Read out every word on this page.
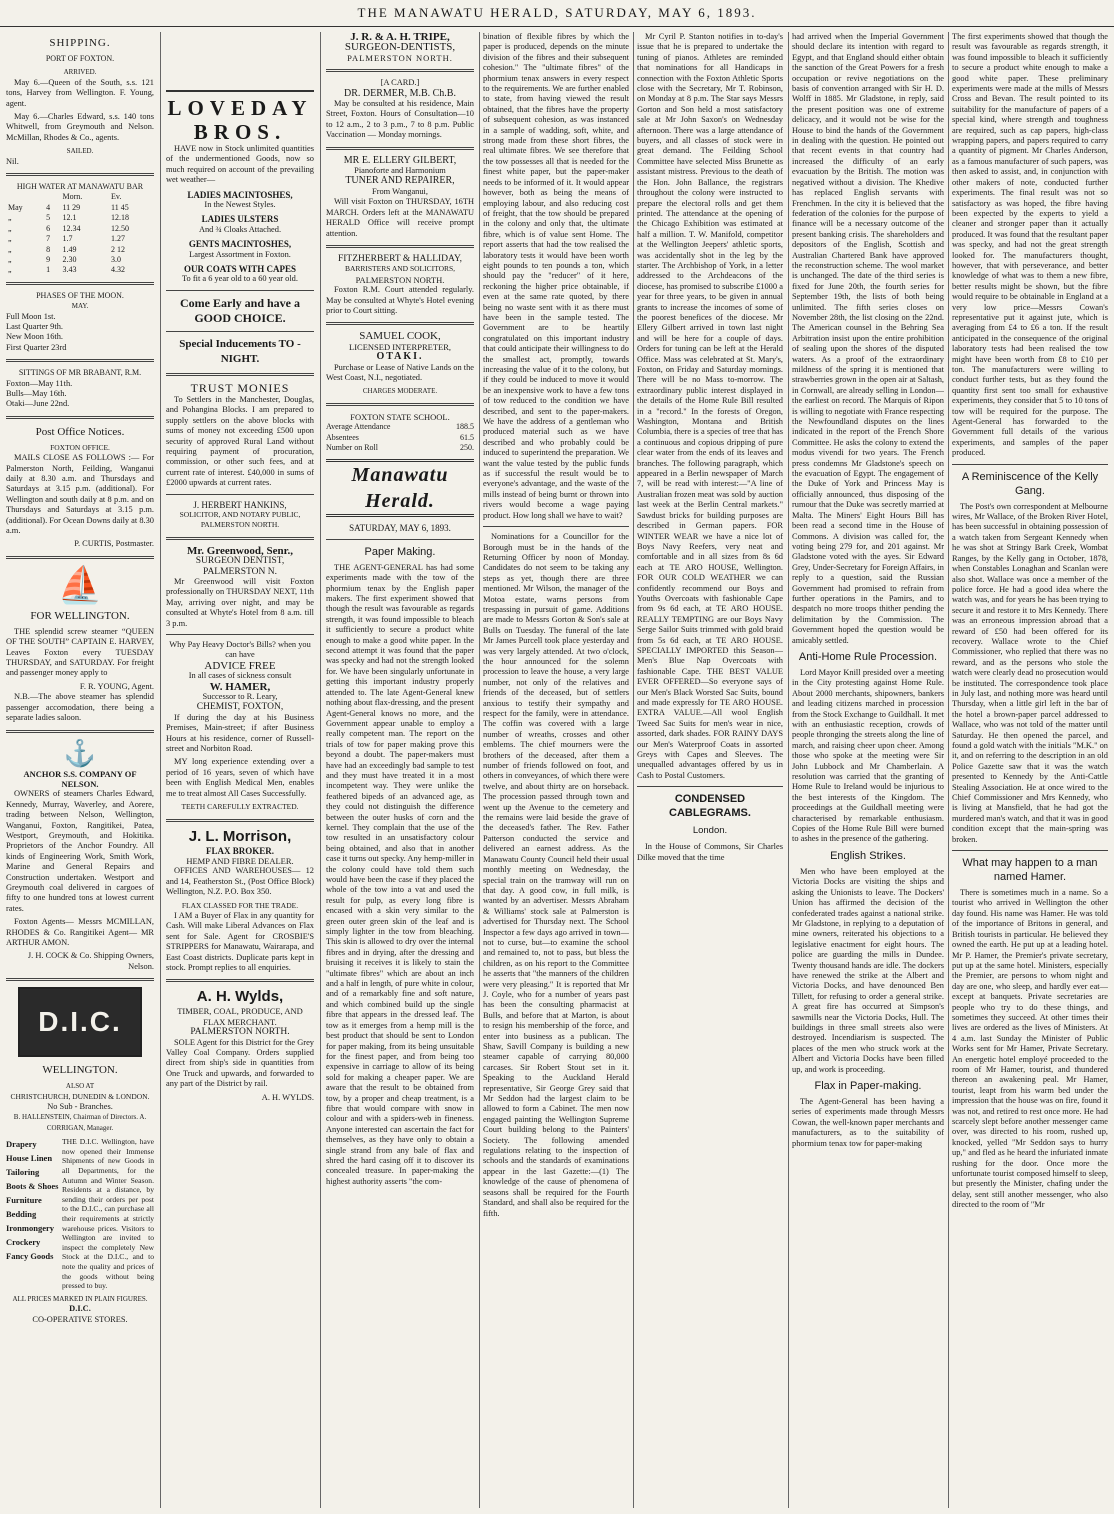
THE MANAWATU HERALD, SATURDAY, MAY 6, 1893.
SHIPPING.
PORT OF FOXTON.
ARRIVED.

May 6.—Queen of the South, s.s. 121 tons, Harvey from Wellington. F. Young, agent.

May 6.—Charles Edward, s.s. 140 tons Whitwell, from Greymouth and Nelson. McMillan, Rhodes & Co., agents.

SAILED.

Nil.

HIGH WATER AT MANAWATU BAR
		Morn.	Ev.
May	4	11 29	11 45
„	5	12.1	12.18
„	6	12.34	12.50
„	7	1.7	1.27
„	8	1.49	2 12
„	9	2.30	3.0
„	1	3.43	4.32
PHASES OF THE MOON.
MAY.
Full Moon 1st.
Last Quarter 9th.
New Moon 16th.
First Quarter 23rd
SITTINGS OF MR BRABANT, R.M.
Foxton—May 11th.
Bulls—May 16th.
Otaki—June 22nd.
Post Office Notices.
FOXTON OFFICE.

MAILS CLOSE AS FOLLOWS :— For Palmerston North, Feilding, Wanganui daily at 8.30 a.m. and Thursdays and Saturdays at 3.15 p.m. (additional). For Wellington and south daily at 8 p.m. and on Thursdays and Saturdays at 3.15 p.m. (additional). For Ocean Downs daily at 8.30 a.m.

P. CURTIS, Postmaster.
⛵
FOR WELLINGTON.

THE splendid screw steamer “QUEEN OF THE SOUTH” CAPTAIN E. HARVEY, Leaves Foxton every TUESDAY THURSDAY, and SATURDAY. For freight and passenger money apply to

F. R. YOUNG, Agent.

N.B.—The above steamer has splendid passenger accomodation, there being a separate ladies saloon.

⚓
ANCHOR S.S. COMPANY OF NELSON.

OWNERS of steamers Charles Edward, Kennedy, Murray, Waverley, and Aorere, trading between Nelson, Wellington, Wanganui, Foxton, Rangitikei, Patea, Westport, Greymouth, and Hokitika. Proprietors of the Anchor Foundry. All kinds of Engineering Work, Smith Work, Marine and General Repairs and Construction undertaken. Westport and Greymouth coal delivered in cargoes of fifty to one hundred tons at lowest current rates.

Foxton Agents— Messrs MCMILLAN, RHODES & Co. Rangitikei Agent— MR ARTHUR AMON.

J. H. COCK & Co. Shipping Owners, Nelson.
D.I.C.
WELLINGTON.
ALSO AT
CHRISTCHURCH, DUNEDIN & LONDON.
No Sub - Branches.
B. HALLENSTEIN, Chairman of Directors. A. CORRIGAN, Manager.
Drapery
House Linen
Tailoring
Boots & Shoes
Furniture
Bedding
Ironmongery
Crockery
Fancy Goods
THE D.I.C. Wellington, have now opened their Immense Shipments of new Goods in all Departments, for the Autumn and Winter Season. Residents at a distance, by sending their orders per post to the D.I.C., can purchase all their requirements at strictly warehouse prices. Visitors to Wellington are invited to inspect the completely New Stock at the D.I.C., and to note the quality and prices of the goods without being pressed to buy.
ALL PRICES MARKED IN PLAIN FIGURES.
D.I.C.
CO-OPERATIVE STORES.
LOVEDAY
BROS.

HAVE now in Stock unlimited quantities of the undermentioned Goods, now so much required on account of the prevailing wet weather—

LADIES MACINTOSHES,
In the Newest Styles.
LADIES ULSTERS
And ¾ Cloaks Attached.
GENTS MACINTOSHES,
Largest Assortment in Foxton.
OUR COATS WITH CAPES
To fit a 6 year old to a 60 year old.
Come Early and have a GOOD CHOICE.
Special Inducements TO - NIGHT.
TRUST MONIES

To Settlers in the Manchester, Douglas, and Pohangina Blocks. I am prepared to supply settlers on the above blocks with sums of money not exceeding £500 upon security of approved Rural Land without requiring payment of procuration, commission, or other such fees, and at current rate of interest. £40,000 in sums of £2000 upwards at current rates.

J. HERBERT HANKINS,
SOLICITOR, AND NOTARY PUBLIC, PALMERSTON NORTH.
Mr. Greenwood, Senr.,
SURGEON DENTIST,
PALMERSTON N.

Mr Greenwood will visit Foxton professionally on THURSDAY NEXT, 11th May, arriving over night, and may be consulted at Whyte's Hotel from 8 a.m. till 3 p.m.

Why Pay Heavy Doctor's Bills? when you can have
ADVICE FREE
In all cases of sickness consult
W. HAMER,
Successor to R. Leary,
CHEMIST, FOXTON,

If during the day at his Business Premises, Main-street; if after Business Hours at his residence, corner of Russell-street and Norbiton Road.

MY long experience extending over a period of 16 years, seven of which have been with English Medical Men, enables me to treat almost All Cases Successfully.

TEETH CAREFULLY EXTRACTED.
J. L. Morrison,
FLAX BROKER.
HEMP AND FIBRE DEALER.

OFFICES AND WAREHOUSES— 12 and 14, Featherston St., (Post Office Block) Wellington, N.Z. P.O. Box 350.

FLAX CLASSED FOR THE TRADE.

I AM a Buyer of Flax in any quantity for Cash. Will make Liberal Advances on Flax sent for Sale. Agent for CROSBIE'S STRIPPERS for Manawatu, Wairarapa, and East Coast districts. Duplicate parts kept in stock. Prompt replies to all enquiries.

A. H. Wylds,
TIMBER, COAL, PRODUCE, AND FLAX MERCHANT.
PALMERSTON NORTH.

SOLE Agent for this District for the Grey Valley Coal Company. Orders supplied direct from ship's side in quantities from One Truck and upwards, and forwarded to any part of the District by rail.

A. H. WYLDS.
J. R. & A. H. TRIPE,
SURGEON-DENTISTS,
PALMERSTON NORTH.
[A CARD.]
DR. DERMER, M.B. Ch.B.

May be consulted at his residence, Main Street, Foxton. Hours of Consultation—10 to 12 a.m., 2 to 3 p.m., 7 to 8 p.m. Public Vaccination — Monday mornings.

MR E. ELLERY GILBERT,
Pianoforte and Harmonium
TUNER AND REPAIRER,
From Wanganui,

Will visit Foxton on THURSDAY, 16TH MARCH. Orders left at the MANAWATU HERALD Office will receive prompt attention.

FITZHERBERT & HALLIDAY,
BARRISTERS AND SOLICITORS,
PALMERSTON NORTH.

Foxton R.M. Court attended regularly. May be consulted at Whyte's Hotel evening prior to Court sitting.

SAMUEL COOK,
LICENSED INTERPRETER,
OTAKI.

Purchase or Lease of Native Lands on the West Coast, N.I., negotiated.

CHARGES MODERATE.
FOXTON STATE SCHOOL.
Average Attendance	188.5
Absentees	61.5
Number on Roll	250.
Manawatu Herald.
SATURDAY, MAY 6, 1893.
Paper Making.

THE AGENT-GENERAL has had some experiments made with the tow of the phormium tenax by the English paper makers. The first experiment showed that though the result was favourable as regards strength, it was found impossible to bleach it sufficiently to secure a product white enough to make a good white paper. In the second attempt it was found that the paper was specky and had not the strength looked for. We have been singularly unfortunate in getting this important industry properly attended to. The late Agent-General knew nothing about flax-dressing, and the present Agent-General knows no more, and the Government appear unable to employ a really competent man. The report on the trials of tow for paper making prove this beyond a doubt. The paper-makers must have had an exceedingly bad sample to test and they must have treated it in a most incompetent way. They were unlike the feathered bipeds of an advanced age, as they could not distinguish the difference between the outer husks of corn and the kernel. They complain that the use of the tow resulted in an unsatisfactory colour being obtained, and also that in another case it turns out specky. Any hemp-miller in the colony could have told them such would have been the case if they placed the whole of the tow into a vat and used the result for pulp, as every long fibre is encased with a skin very similar to the green outer green skin of the leaf and is simply lighter in the tow from bleaching. This skin is allowed to dry over the internal fibres and in drying, after the dressing and bruising it receives it is likely to stain the "ultimate fibres" which are about an inch and a half in length, of pure white in colour, and of a remarkably fine and soft nature, and which combined build up the single fibre that appears in the dressed leaf. The tow as it emerges from a hemp mill is the best product that should be sent to London for paper making, from its being unsuitable for the finest paper, and from being too expensive in carriage to allow of its being sold for making a cheaper paper. We are aware that the result to be obtained from tow, by a proper and cheap treatment, is a fibre that would compare with snow in colour and with a spiders-web in fineness. Anyone interested can ascertain the fact for themselves, as they have only to obtain a single strand from any bale of flax and shred the hard casing off it to discover its concealed treasure. In paper-making the highest authority asserts "the com-

bination of flexible fibres by which the paper is produced, depends on the minute division of the fibres and their subsequent cohesion." The "ultimate fibres" of the phormium tenax answers in every respect to the requirements. We are further enabled to state, from having viewed the result obtained, that the fibres have the property of subsequent cohesion, as was instanced in a sample of wadding, soft, white, and strong made from these short fibres, the real ultimate fibres. We see therefore that the tow possesses all that is needed for the finest white paper, but the paper-maker needs to be informed of it. It would appear however, both as being the means of employing labour, and also reducing cost of freight, that the tow should be prepared in the colony and only that, the ultimate fibre, which is of value sent Home. The report asserts that had the tow realised the laboratory tests it would have been worth eight pounds to ten pounds a ton, which should pay the "reducer" of it here, reckoning the higher price obtainable, if even at the same rate quoted, by there being no waste sent with it as there must have been in the sample tested. The Government are to be heartily congratulated on this important industry that could anticipate their willingness to do the smallest act, promptly, towards increasing the value of it to the colony, but if they could be induced to move it would be an inexpensive work to have a few tons of tow reduced to the condition we have described, and sent to the paper-makers. We have the address of a gentleman who produced material such as we have described and who probably could be induced to superintend the preparation. We want the value tested by the public funds as if successful the result would be to everyone's advantage, and the waste of the mills instead of being burnt or thrown into rivers would become a wage paying product. How long shall we have to wait?

Nominations for a Councillor for the Borough must be in the hands of the Returning Officer by noon of Monday. Candidates do not seem to be taking any steps as yet, though there are three mentioned. Mr Wilson, the manager of the Motoa estate, warns persons from trespassing in pursuit of game. Additions are made to Messrs Gorton & Son's sale at Bulls on Tuesday. The funeral of the late Mr James Purcell took place yesterday and was very largely attended. At two o'clock, the hour announced for the solemn procession to leave the house, a very large number, not only of the relatives and friends of the deceased, but of settlers anxious to testify their sympathy and respect for the family, were in attendance. The coffin was covered with a large number of wreaths, crosses and other emblems. The chief mourners were the brothers of the deceased, after them a number of friends followed on foot, and others in conveyances, of which there were twelve, and about thirty are on horseback. The procession passed through town and went up the Avenue to the cemetery and the remains were laid beside the grave of the deceased's father. The Rev. Father Patterson conducted the service and delivered an earnest address. As the Manawatu County Council held their usual monthly meeting on Wednesday, the special train on the tramway will run on that day. A good cow, in full milk, is wanted by an advertiser. Messrs Abraham & Williams' stock sale at Palmerston is advertised for Thursday next. The School Inspector a few days ago arrived in town—not to curse, but—to examine the school and remained to, not to pass, but bless the children, as on his report to the Committee he asserts that "the manners of the children were very pleasing." It is reported that Mr J. Coyle, who for a number of years past has been the consulting pharmacist at Bulls, and before that at Marton, is about to resign his membership of the force, and enter into business as a publican. The Shaw, Savill Company is building a new steamer capable of carrying 80,000 carcases. Sir Robert Stout set in it. Speaking to the Auckland Herald representative, Sir George Grey said that Mr Seddon had the largest claim to be allowed to form a Cabinet. The men now engaged painting the Wellington Supreme Court building belong to the Painters' Society. The following amended regulations relating to the inspection of schools and the standards of examinations appear in the last Gazette:—(1) The knowledge of the cause of phenomena of seasons shall be required for the Fourth Standard, and shall also be required for the fifth.

Mr Cyril P. Stanton notifies in to-day's issue that he is prepared to undertake the tuning of pianos. Athletes are reminded that nominations for all Handicaps in connection with the Foxton Athletic Sports close with the Secretary, Mr T. Robinson, on Monday at 8 p.m. The Star says Messrs Gorton and Son held a most satisfactory sale at Mr John Saxon's on Wednesday afternoon. There was a large attendance of buyers, and all classes of stock were in great demand. The Feilding School Committee have selected Miss Brunette as assistant mistress. Previous to the death of the Hon. John Ballance, the registrars throughout the colony were instructed to prepare the electoral rolls and get them printed. The attendance at the opening of the Chicago Exhibition was estimated at half a million. T. W. Manifold, competitor at the Wellington Jeepers' athletic sports, was accidentally shot in the leg by the starter. The Archbishop of York, in a letter addressed to the Archdeacons of the diocese, has promised to subscribe £1000 a year for three years, to be given in annual grants to increase the incomes of some of the poorest benefices of the diocese. Mr Ellery Gilbert arrived in town last night and will be here for a couple of days. Orders for tuning can be left at the Herald Office. Mass was celebrated at St. Mary's, Foxton, on Friday and Saturday mornings. There will be no Mass to-morrow. The extraordinary public interest displayed in the details of the Home Rule Bill resulted in a "record." In the forests of Oregon, Washington, Montana and British Columbia, there is a species of tree that has a continuous and copious dripping of pure clear water from the ends of its leaves and branches. The following paragraph, which appeared in a Berlin newspaper of March 7, will be read with interest:—"A line of Australian frozen meat was sold by auction last week at the Berlin Central markets." Sawdust bricks for building purposes are described in German papers. FOR WINTER WEAR we have a nice lot of Boys Navy Reefers, very neat and comfortable and in all sizes from 8s 6d each at TE ARO HOUSE, Wellington. FOR OUR COLD WEATHER we can confidently recommend our Boys and Youths Overcoats with fashionable Cape from 9s 6d each, at TE ARO HOUSE. REALLY TEMPTING are our Boys Navy Serge Sailor Suits trimmed with gold braid from 5s 6d each, at TE ARO HOUSE. SPECIALLY IMPORTED this Season—Men's Blue Nap Overcoats with fashionable Cape. THE BEST VALUE EVER OFFERED—So everyone says of our Men's Black Worsted Sac Suits, bound and made expressly for TE ARO HOUSE. EXTRA VALUE.—All wool English Tweed Sac Suits for men's wear in nice, assorted, dark shades. FOR RAINY DAYS our Men's Waterproof Coats in assorted Greys with Capes and Sleeves. The unequalled advantages offered by us in Cash to Postal Customers.

CONDENSED CABLEGRAMS.
London.

In the House of Commons, Sir Charles Dilke moved that the time

had arrived when the Imperial Government should declare its intention with regard to Egypt, and that England should either obtain the sanction of the Great Powers for a fresh occupation or revive negotiations on the basis of convention arranged with Sir H. D. Wolff in 1885. Mr Gladstone, in reply, said the present position was one of extreme delicacy, and it would not be wise for the House to bind the hands of the Government in dealing with the question. He pointed out that recent events in that country had increased the difficulty of an early evacuation by the British. The motion was negatived without a division. The Khedive has replaced English servants with Frenchmen. In the city it is believed that the federation of the colonies for the purpose of finance will be a necessary outcome of the present banking crisis. The shareholders and depositors of the English, Scottish and Australian Chartered Bank have approved the reconstruction scheme. The wool market is unchanged. The date of the third series is fixed for June 20th, the fourth series for September 19th, the lists of both being unlimited. The fifth series closes on November 28th, the list closing on the 22nd. The American counsel in the Behring Sea Arbitration insist upon the entire prohibition of sealing upon the shores of the disputed waters. As a proof of the extraordinary mildness of the spring it is mentioned that strawberries grown in the open air at Saltash, in Cornwall, are already selling in London—the earliest on record. The Marquis of Ripon is willing to negotiate with France respecting the Newfoundland disputes on the lines indicated in the report of the French Shore Committee. He asks the colony to extend the modus vivendi for two years. The French press condemns Mr Gladstone's speech on the evacuation of Egypt. The engagement of the Duke of York and Princess May is officially announced, thus disposing of the rumour that the Duke was secretly married at Malta. The Miners' Eight Hours Bill has been read a second time in the House of Commons. A division was called for, the voting being 279 for, and 201 against. Mr Gladstone voted with the ayes. Sir Edward Grey, Under-Secretary for Foreign Affairs, in reply to a question, said the Russian Government had promised to refrain from further operations in the Pamirs, and to despatch no more troops thither pending the delimitation by the Commission. The Government hoped the question would be amicably settled.

Anti-Home Rule Procession.

Lord Mayor Knill presided over a meeting in the City protesting against Home Rule. About 2000 merchants, shipowners, bankers and leading citizens marched in procession from the Stock Exchange to Guildhall. It met with an enthusiastic reception, crowds of people thronging the streets along the line of march, and raising cheer upon cheer. Among those who spoke at the meeting were Sir John Lubbock and Mr Chamberlain. A resolution was carried that the granting of Home Rule to Ireland would be injurious to the best interests of the Kingdom. The proceedings at the Guildhall meeting were characterised by remarkable enthusiasm. Copies of the Home Rule Bill were burned to ashes in the presence of the gathering.

English Strikes.

Men who have been employed at the Victoria Docks are visiting the ships and asking the Unionists to leave. The Dockers' Union has affirmed the decision of the confederated trades against a national strike. Mr Gladstone, in replying to a deputation of mine owners, reiterated his objections to a legislative enactment for eight hours. The police are guarding the mills in Dundee. Twenty thousand hands are idle. The dockers have renewed the strike at the Albert and Victoria Docks, and have denounced Ben Tillett, for refusing to order a general strike. A great fire has occurred at Simpson's sawmills near the Victoria Docks, Hull. The buildings in three small streets also were destroyed. Incendiarism is suspected. The places of the men who struck work at the Albert and Victoria Docks have been filled up, and work is proceeding.

Flax in Paper-making.

The Agent-General has been having a series of experiments made through Messrs Cowan, the well-known paper merchants and manufacturers, as to the suitability of phormium tenax tow for paper-making

The first experiments showed that though the result was favourable as regards strength, it was found impossible to bleach it sufficiently to secure a product white enough to make a good white paper. These preliminary experiments were made at the mills of Messrs Cross and Bevan. The result pointed to its suitability for the manufacture of papers of a special kind, where strength and toughness are required, such as cap papers, high-class wrapping papers, and papers required to carry a quantity of pigment. Mr Charles Anderson, as a famous manufacturer of such papers, was then asked to assist, and, in conjunction with other makers of note, conducted further experiments. The final result was not so satisfactory as was hoped, the fibre having been expected by the experts to yield a cleaner and stronger paper than it actually produced. It was found that the resultant paper was specky, and had not the great strength looked for. The manufacturers thought, however, that with perseverance, and better knowledge of what was to them a new fibre, better results might be shown, but the fibre would require to be obtainable in England at a very low price—Messrs Cowan's representative put it against jute, which is averaging from £4 to £6 a ton. If the result anticipated in the consequence of the original laboratory tests had been realised the tow might have been worth from £8 to £10 per ton. The manufacturers were willing to conduct further tests, but as they found the quantity first sent too small for exhaustive experiments, they consider that 5 to 10 tons of tow will be required for the purpose. The Agent-General has forwarded to the Government full details of the various experiments, and samples of the paper produced.

A Reminiscence of the Kelly Gang.

The Post's own correspondent at Melbourne wires, Mr Wallace, of the Broken River Hotel, has been successful in obtaining possession of a watch taken from Sergeant Kennedy when he was shot at Stringy Bark Creek, Wombat Ranges, by the Kelly gang in October, 1878, when Constables Lonaghan and Scanlan were also shot. Wallace was once a member of the police force. He had a good idea where the watch was, and for years he has been trying to secure it and restore it to Mrs Kennedy. There was an erroneous impression abroad that a reward of £50 had been offered for its recovery. Wallace wrote to the Chief Commissioner, who replied that there was no reward, and as the persons who stole the watch were clearly dead no prosecution would be instituted. The correspondence took place in July last, and nothing more was heard until Thursday, when a little girl left in the bar of the hotel a brown-paper parcel addressed to Wallace, who was not told of the matter until Saturday. He then opened the parcel, and found a gold watch with the initials "M.K." on it, and on referring to the description in an old Police Gazette saw that it was the watch presented to Kennedy by the Anti-Cattle Stealing Association. He at once wired to the Chief Commissioner and Mrs Kennedy, who is living at Mansfield, that he had got the murdered man's watch, and that it was in good condition except that the main-spring was broken.

What may happen to a man named Hamer.

There is sometimes much in a name. So a tourist who arrived in Wellington the other day found. His name was Hamer. He was told of the importance of Britons in general, and British tourists in particular. He believed they owned the earth. He put up at a leading hotel. Mr P. Hamer, the Premier's private secretary, put up at the same hotel. Ministers, especially the Premier, are persons to whom night and day are one, who sleep, and hardly ever eat—except at banquets. Private secretaries are people who try to do these things, and sometimes they succeed. At other times their lives are ordered as the lives of Ministers. At 4 a.m. last Sunday the Minister of Public Works sent for Mr Hamer, Private Secretary. An energetic hotel employé proceeded to the room of Mr Hamer, tourist, and thundered thereon an awakening peal. Mr Hamer, tourist, leapt from his warm bed under the impression that the house was on fire, found it was not, and retired to rest once more. He had scarcely slept before another messenger came over, was directed to his room, rushed up, knocked, yelled "Mr Seddon says to hurry up," and fled as he heard the infuriated inmate rushing for the door. Once more the unfortunate tourist composed himself to sleep, but presently the Minister, chafing under the delay, sent still another messenger, who also directed to the room of "Mr
